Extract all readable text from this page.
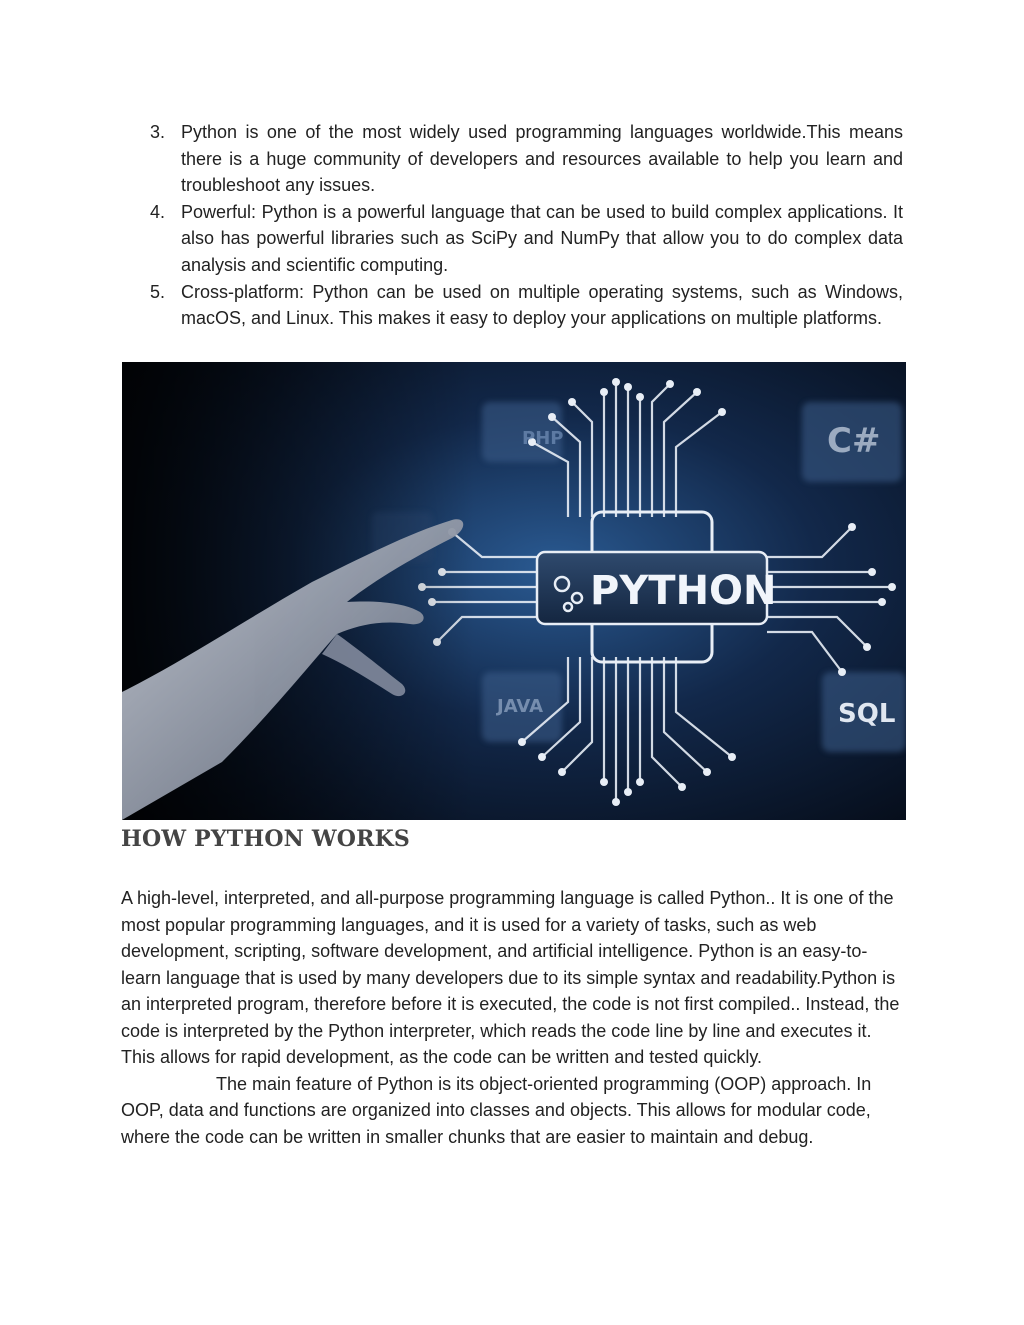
3. Python is one of the most widely used programming languages worldwide.This means there is a huge community of developers and resources available to help you learn and troubleshoot any issues.
4. Powerful: Python is a powerful language that can be used to build complex applications. It also has powerful libraries such as SciPy and NumPy that allow you to do complex data analysis and scientific computing.
5. Cross-platform: Python can be used on multiple operating systems, such as Windows, macOS, and Linux. This makes it easy to deploy your applications on multiple platforms.
HOW PYTHON WORKS

A high-level, interpreted, and all-purpose programming language is called Python.. It is one of the most popular programming languages, and it is used for a variety of tasks, such as web development, scripting, software development, and artificial intelligence. Python is an easy-to-learn language that is used by many developers due to its simple syntax and readability.Python is an interpreted program, therefore before it is executed, the code is not first compiled.. Instead, the code is interpreted by the Python interpreter, which reads the code line by line and executes it. This allows for rapid development, as the code can be written and tested quickly.

The main feature of Python is its object-oriented programming (OOP) approach. In OOP, data and functions are organized into classes and objects. This allows for modular code, where the code can be written in smaller chunks that are easier to maintain and debug.
